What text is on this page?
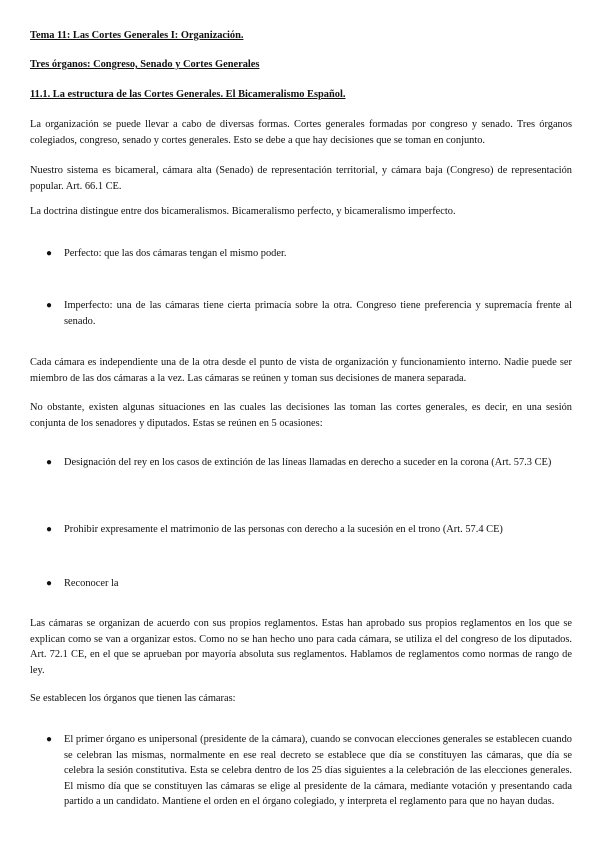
Tema 11: Las Cortes Generales I: Organización.
Tres órganos: Congreso, Senado y Cortes Generales
11.1. La estructura de las Cortes Generales. El Bicameralismo Español.

La organización se puede llevar a cabo de diversas formas. Cortes generales formadas por congreso y senado. Tres órganos colegiados, congreso, senado y cortes generales. Esto se debe a que hay decisiones que se toman en conjunto.

Nuestro sistema es bicameral, cámara alta (Senado) de representación territorial, y cámara baja (Congreso) de representación popular. Art. 66.1 CE.

La doctrina distingue entre dos bicameralismos. Bicameralismo perfecto, y bicameralismo imperfecto.

● Perfecto: que las dos cámaras tengan el mismo poder.
● Imperfecto: una de las cámaras tiene cierta primacía sobre la otra. Congreso tiene preferencia y supremacía frente al senado.

Cada cámara es independiente una de la otra desde el punto de vista de organización y funcionamiento interno. Nadie puede ser miembro de las dos cámaras a la vez. Las cámaras se reúnen y toman sus decisiones de manera separada.

No obstante, existen algunas situaciones en las cuales las decisiones las toman las cortes generales, es decir, en una sesión conjunta de los senadores y diputados. Estas se reúnen en 5 ocasiones:

● Designación del rey en los casos de extinción de las líneas llamadas en derecho a suceder en la corona (Art. 57.3 CE)
● Prohibir expresamente el matrimonio de las personas con derecho a la sucesión en el trono (Art. 57.4 CE)
● Reconocer la

Las cámaras se organizan de acuerdo con sus propios reglamentos. Estas han aprobado sus propios reglamentos en los que se explican como se van a organizar estos. Como no se han hecho uno para cada cámara, se utiliza el del congreso de los diputados. Art. 72.1 CE, en el que se aprueban por mayoría absoluta sus reglamentos. Hablamos de reglamentos como normas de rango de ley.

Se establecen los órganos que tienen las cámaras:

● El primer órgano es unipersonal (presidente de la cámara), cuando se convocan elecciones generales se establecen cuando se celebran las mismas, normalmente en ese real decreto se establece que día se constituyen las cámaras, que día se celebra la sesión constitutiva. Esta se celebra dentro de los 25 días siguientes a la celebración de las elecciones generales. El mismo día que se constituyen las cámaras se elige al presidente de la cámara, mediante votación y presentando cada partido a un candidato. Mantiene el orden en el órgano colegiado, y interpreta el reglamento para que no hayan dudas.
